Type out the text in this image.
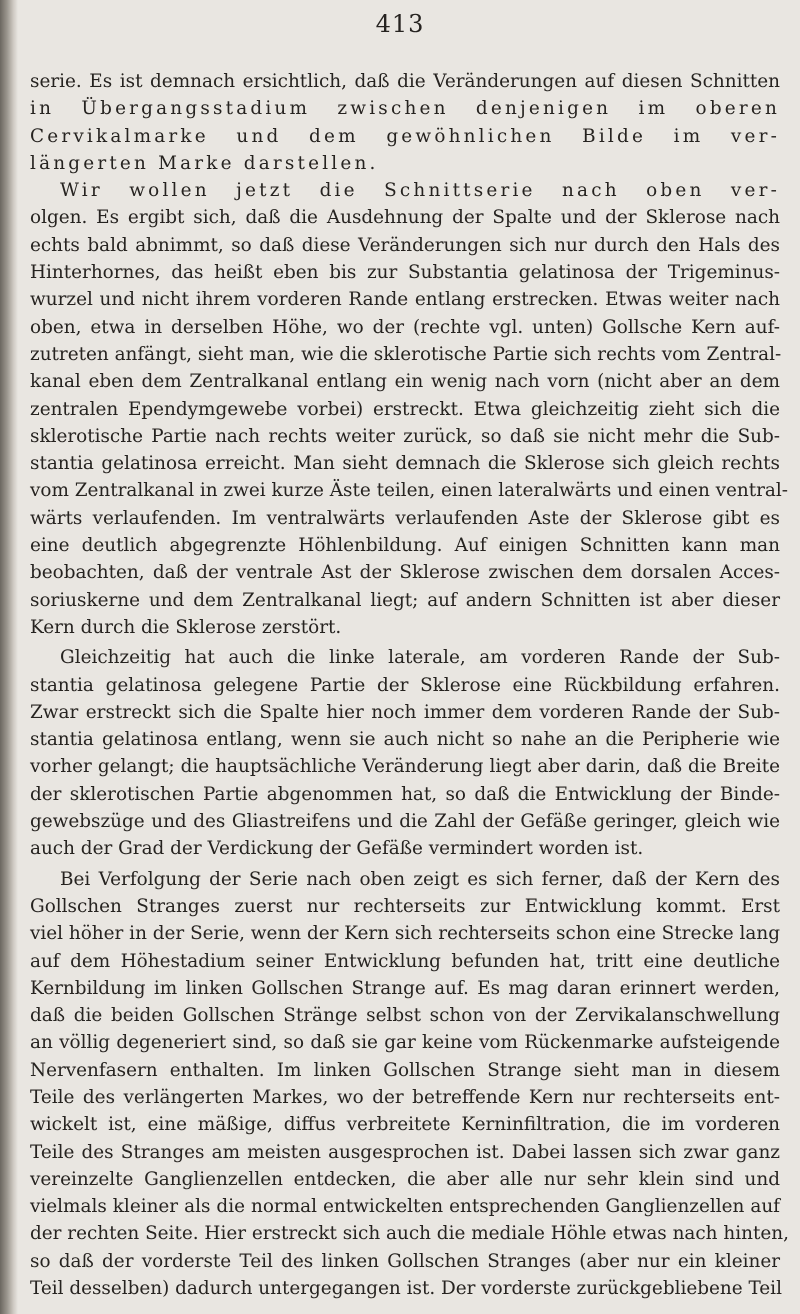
413
serie. Es ist demnach ersichtlich, daß die Veränderungen auf diesen Schnitten
in Übergangsstadium zwischen denjenigen im oberen
Cervikalmarke und dem gewöhnlichen Bilde im ver-
längerten Marke darstellen.
Wir wollen jetzt die Schnittserie nach oben ver-
olgen. Es ergibt sich, daß die Ausdehnung der Spalte und der Sklerose nach
echts bald abnimmt, so daß diese Veränderungen sich nur durch den Hals des
Hinterhornes, das heißt eben bis zur Substantia gelatinosa der Trigeminus-
wurzel und nicht ihrem vorderen Rande entlang erstrecken. Etwas weiter nach
oben, etwa in derselben Höhe, wo der (rechte vgl. unten) Gollsche Kern auf-
zutreten anfängt, sieht man, wie die sklerotische Partie sich rechts vom Zentral-
kanal eben dem Zentralkanal entlang ein wenig nach vorn (nicht aber an dem
zentralen Ependymgewebe vorbei) erstreckt. Etwa gleichzeitig zieht sich die
sklerotische Partie nach rechts weiter zurück, so daß sie nicht mehr die Sub-
stantia gelatinosa erreicht. Man sieht demnach die Sklerose sich gleich rechts
vom Zentralkanal in zwei kurze Äste teilen, einen lateralwärts und einen ventral-
wärts verlaufenden. Im ventralwärts verlaufenden Aste der Sklerose gibt es
eine deutlich abgegrenzte Höhlenbildung. Auf einigen Schnitten kann man
beobachten, daß der ventrale Ast der Sklerose zwischen dem dorsalen Acces-
soriuskerne und dem Zentralkanal liegt; auf andern Schnitten ist aber dieser
Kern durch die Sklerose zerstört.
Gleichzeitig hat auch die linke laterale, am vorderen Rande der Sub-
stantia gelatinosa gelegene Partie der Sklerose eine Rückbildung erfahren.
Zwar erstreckt sich die Spalte hier noch immer dem vorderen Rande der Sub-
stantia gelatinosa entlang, wenn sie auch nicht so nahe an die Peripherie wie
vorher gelangt; die hauptsächliche Veränderung liegt aber darin, daß die Breite
der sklerotischen Partie abgenommen hat, so daß die Entwicklung der Binde-
gewebszüge und des Gliastreifens und die Zahl der Gefäße geringer, gleich wie
auch der Grad der Verdickung der Gefäße vermindert worden ist.
Bei Verfolgung der Serie nach oben zeigt es sich ferner, daß der Kern des
Gollschen Stranges zuerst nur rechterseits zur Entwicklung kommt. Erst
viel höher in der Serie, wenn der Kern sich rechterseits schon eine Strecke lang
auf dem Höhestadium seiner Entwicklung befunden hat, tritt eine deutliche
Kernbildung im linken Gollschen Strange auf. Es mag daran erinnert werden,
daß die beiden Gollschen Stränge selbst schon von der Zervikalanschwellung
an völlig degeneriert sind, so daß sie gar keine vom Rückenmarke aufsteigende
Nervenfasern enthalten. Im linken Gollschen Strange sieht man in diesem
Teile des verlängerten Markes, wo der betreffende Kern nur rechterseits ent-
wickelt ist, eine mäßige, diffus verbreitete Kerninfiltration, die im vorderen
Teile des Stranges am meisten ausgesprochen ist. Dabei lassen sich zwar ganz
vereinzelte Ganglienzellen entdecken, die aber alle nur sehr klein sind und
vielmals kleiner als die normal entwickelten entsprechenden Ganglienzellen auf
der rechten Seite. Hier erstreckt sich auch die mediale Höhle etwas nach hinten,
so daß der vorderste Teil des linken Gollschen Stranges (aber nur ein kleiner
Teil desselben) dadurch untergegangen ist. Der vorderste zurückgebliebene Teil
